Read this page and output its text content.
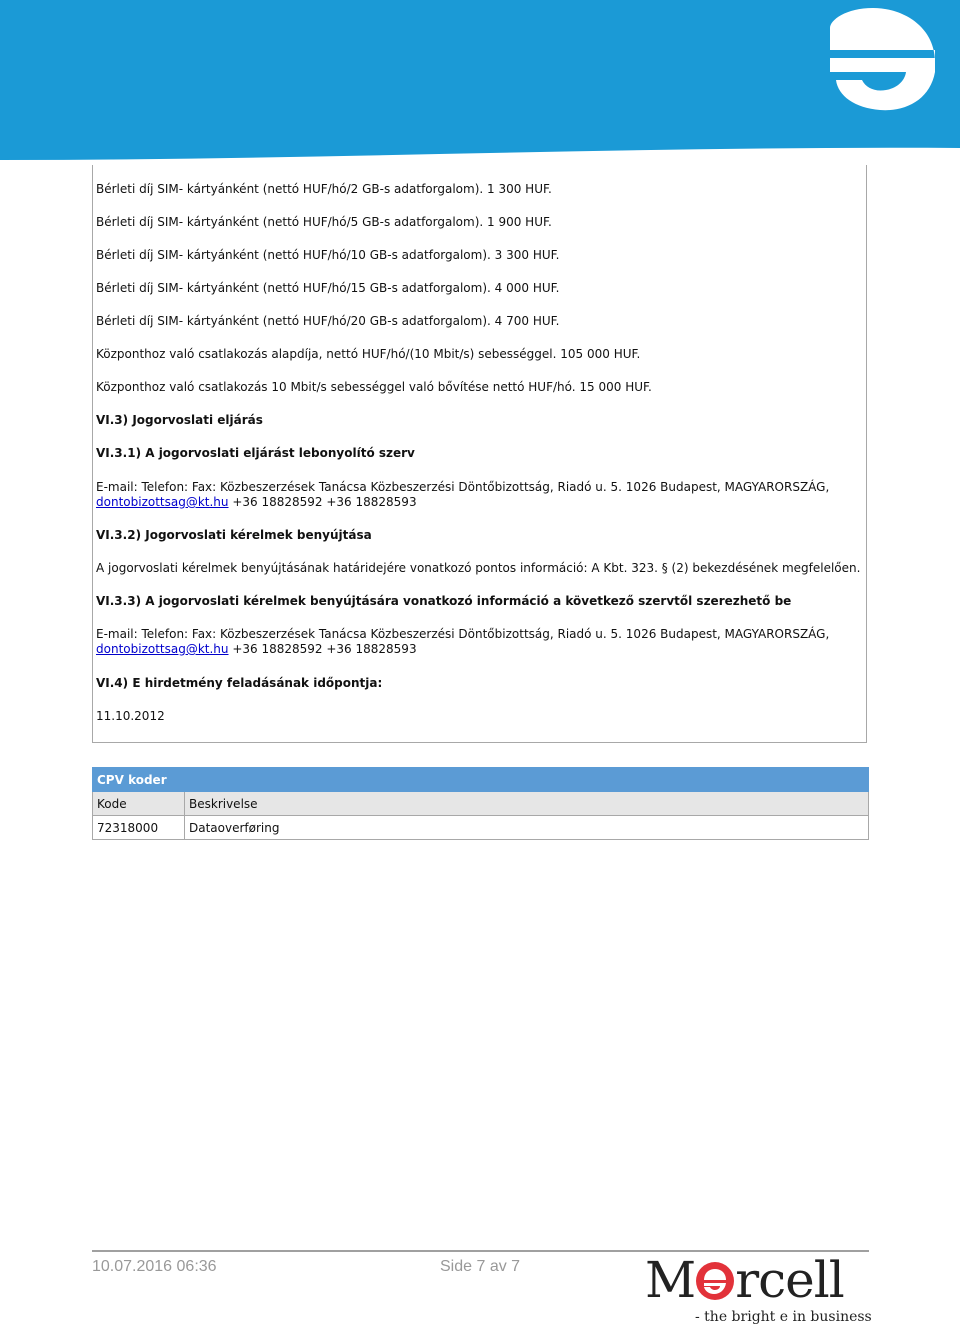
Bérleti díj SIM- kártyánként (nettó HUF/hó/2 GB-s adatforgalom). 1 300 HUF.
Bérleti díj SIM- kártyánként (nettó HUF/hó/5 GB-s adatforgalom). 1 900 HUF.
Bérleti díj SIM- kártyánként (nettó HUF/hó/10 GB-s adatforgalom). 3 300 HUF.
Bérleti díj SIM- kártyánként (nettó HUF/hó/15 GB-s adatforgalom). 4 000 HUF.
Bérleti díj SIM- kártyánként (nettó HUF/hó/20 GB-s adatforgalom). 4 700 HUF.
Központhoz való csatlakozás alapdíja, nettó HUF/hó/(10 Mbit/s) sebességgel. 105 000 HUF.
Központhoz való csatlakozás 10 Mbit/s sebességgel való bővítése nettó HUF/hó. 15 000 HUF.
VI.3) Jogorvoslati eljárás
VI.3.1) A jogorvoslati eljárást lebonyolító szerv
E-mail: Telefon: Fax: Közbeszerzések Tanácsa Közbeszerzési Döntőbizottság, Riadó u. 5. 1026 Budapest, MAGYARORSZÁG,
dontobizottsag@kt.hu +36 18828592 +36 18828593
VI.3.2) Jogorvoslati kérelmek benyújtása
A jogorvoslati kérelmek benyújtásának határidejére vonatkozó pontos információ: A Kbt. 323. § (2) bekezdésének megfelelően.
VI.3.3) A jogorvoslati kérelmek benyújtására vonatkozó információ a következő szervtől szerezhető be
E-mail: Telefon: Fax: Közbeszerzések Tanácsa Közbeszerzési Döntőbizottság, Riadó u. 5. 1026 Budapest, MAGYARORSZÁG,
dontobizottsag@kt.hu +36 18828592 +36 18828593
VI.4) E hirdetmény feladásának időpontja:
11.10.2012
CPV koder	
Kode	Beskrivelse
72318000	Dataoverføring
10.07.2016 06:36	Side 7 av 7 M rcell
- the bright e in business
